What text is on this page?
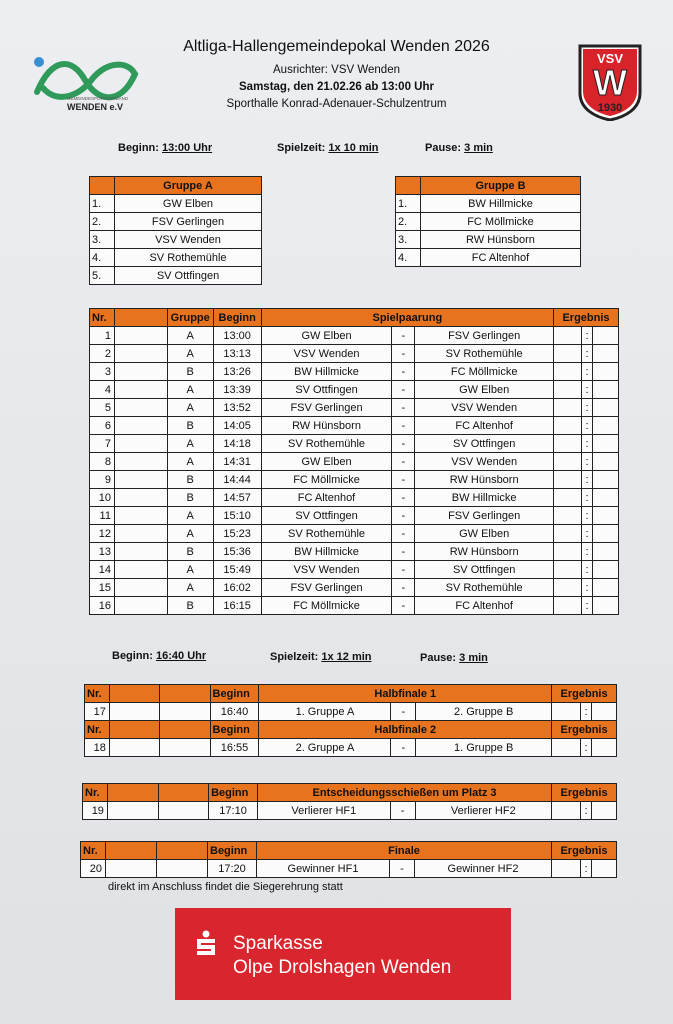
GEMEINDESPORTVERBAND
WENDEN e.V
VSV
W
1930
Altliga-Hallengemeindepokal Wenden 2026
Ausrichter: VSV Wenden
Samstag, den 21.02.26 ab 13:00 Uhr
Sporthalle Konrad-Adenauer-Schulzentrum
Beginn: 13:00 Uhr	Spielzeit: 1x 10 min	Pause: 3 min
	Gruppe A
1.	GW Elben
2.	FSV Gerlingen
3.	VSV Wenden
4.	SV Rothemühle
5.	SV Ottfingen
	Gruppe B
1.	BW Hillmicke
2.	FC Möllmicke
3.	RW Hünsborn
4.	FC Altenhof
Nr.		Gruppe	Beginn	Spielpaarung			Ergebnis		
1		A	13:00	GW Elben	-	FSV Gerlingen		:	
2		A	13:13	VSV Wenden	-	SV Rothemühle		:	
3		B	13:26	BW Hillmicke	-	FC Möllmicke		:	
4		A	13:39	SV Ottfingen	-	GW Elben		:	
5		A	13:52	FSV Gerlingen	-	VSV Wenden		:	
6		B	14:05	RW Hünsborn	-	FC Altenhof		:	
7		A	14:18	SV Rothemühle	-	SV Ottfingen		:	
8		A	14:31	GW Elben	-	VSV Wenden		:	
9		B	14:44	FC Möllmicke	-	RW Hünsborn		:	
10		B	14:57	FC Altenhof	-	BW Hillmicke		:	
11		A	15:10	SV Ottfingen	-	FSV Gerlingen		:	
12		A	15:23	SV Rothemühle	-	GW Elben		:	
13		B	15:36	BW Hillmicke	-	RW Hünsborn		:	
14		A	15:49	VSV Wenden	-	SV Ottfingen		:	
15		A	16:02	FSV Gerlingen	-	SV Rothemühle		:	
16		B	16:15	FC Möllmicke	-	FC Altenhof		:	
Beginn: 16:40 Uhr	Spielzeit: 1x 12 min	Pause: 3 min
Nr.			Beginn	Halbfinale 1			Ergebnis		
17			16:40	1. Gruppe A	-	2. Gruppe B		:	
Nr.			Beginn	Halbfinale 2			Ergebnis		
18			16:55	2. Gruppe A	-	1. Gruppe B		:	
Nr.			Beginn	Entscheidungsschießen um Platz 3			Ergebnis		
19			17:10	Verlierer HF1	-	Verlierer HF2		:	
Nr.			Beginn	Finale			Ergebnis		
20			17:20	Gewinner HF1	-	Gewinner HF2		:	
direkt im Anschluss findet die Siegerehrung statt
Sparkasse
Olpe Drolshagen Wenden
